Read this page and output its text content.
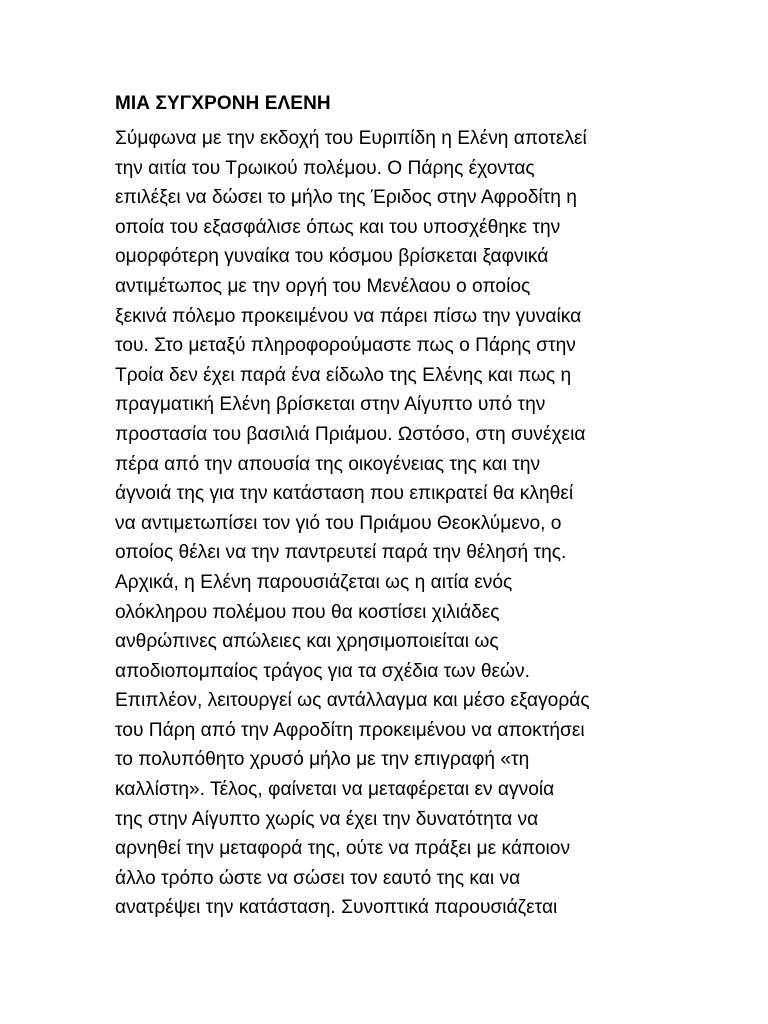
ΜΙΑ ΣΥΓΧΡΟΝΗ ΕΛΕΝΗ
Σύμφωνα με την εκδοχή του Ευριπίδη η Ελένη αποτελεί
την αιτία του Τρωικού πολέμου. Ο Πάρης έχοντας
επιλέξει να δώσει το μήλο της Έριδος στην Αφροδίτη η
οποία του εξασφάλισε όπως και του υποσχέθηκε την
ομορφότερη γυναίκα του κόσμου βρίσκεται ξαφνικά
αντιμέτωπος με την οργή του Μενέλαου ο οποίος
ξεκινά πόλεμο προκειμένου να πάρει πίσω την γυναίκα
του. Στο μεταξύ πληροφορούμαστε πως ο Πάρης στην
Τροία δεν έχει παρά ένα είδωλο της Ελένης και πως η
πραγματική Ελένη βρίσκεται στην Αίγυπτο υπό την
προστασία του βασιλιά Πριάμου. Ωστόσο, στη συνέχεια
πέρα από την απουσία της οικογένειας της και την
άγνοιά της για την κατάσταση που επικρατεί θα κληθεί
να αντιμετωπίσει τον γιό του Πριάμου Θεοκλύμενο, ο
οποίος θέλει να την παντρευτεί παρά την θέλησή της.
Αρχικά, η Ελένη παρουσιάζεται ως η αιτία ενός
ολόκληρου πολέμου που θα κοστίσει χιλιάδες
ανθρώπινες απώλειες και χρησιμοποιείται ως
αποδιοπομπαίος τράγος για τα σχέδια των θεών.
Επιπλέον, λειτουργεί ως αντάλλαγμα και μέσο εξαγοράς
του Πάρη από την Αφροδίτη προκειμένου να αποκτήσει
το πολυπόθητο χρυσό μήλο με την επιγραφή «τη
καλλίστη». Τέλος, φαίνεται να μεταφέρεται εν αγνοία
της στην Αίγυπτο χωρίς να έχει την δυνατότητα να
αρνηθεί την μεταφορά της, ούτε να πράξει με κάποιον
άλλο τρόπο ώστε να σώσει τον εαυτό της και να
ανατρέψει την κατάσταση. Συνοπτικά παρουσιάζεται
